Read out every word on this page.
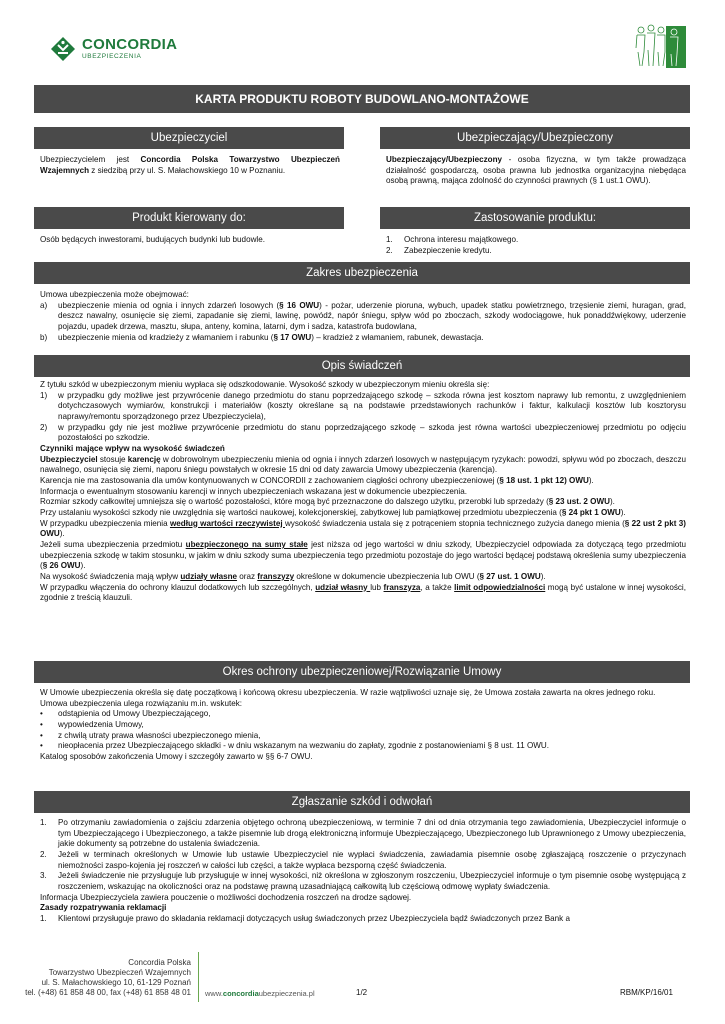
CONCORDIA
UBEZPIECZENIA
KARTA PRODUKTU ROBOTY BUDOWLANO-MONTAŻOWE
Ubezpieczyciel	Ubezpieczający/Ubezpieczony
Ubezpieczycielem jest Concordia Polska Towarzystwo Ubezpieczeń Wzajemnych z siedzibą przy ul. S. Małachowskiego 10 w Poznaniu.
Ubezpieczający/Ubezpieczony - osoba fizyczna, w tym także prowadząca działalność gospodarczą, osoba prawna lub jednostka organizacyjna niebędąca osobą prawną, mająca zdolność do czynności prawnych (§ 1 ust.1 OWU).
Produkt kierowany do:	Zastosowanie produktu:
Osób będących inwestorami, budujących budynki lub budowle.	1. Ochrona interesu majątkowego.
2. Zabezpieczenie kredytu.
Zakres ubezpieczenia

Umowa ubezpieczenia może obejmować:

a) ubezpieczenie mienia od ognia i innych zdarzeń losowych (§ 16 OWU) - pożar, uderzenie pioruna, wybuch, upadek statku powietrznego, trzęsienie ziemi, huragan, grad, deszcz nawalny, osunięcie się ziemi, zapadanie się ziemi, lawinę, powódź, napór śniegu, spływ wód po zboczach, szkody wodociągowe, huk ponaddźwiękowy, uderzenie pojazdu, upadek drzewa, masztu, słupa, anteny, komina, latarni, dym i sadza, katastrofa budowlana,

b) ubezpieczenie mienia od kradzieży z włamaniem i rabunku (§ 17 OWU) – kradzież z włamaniem, rabunek, dewastacja.

Opis świadczeń

Z tytułu szkód w ubezpieczonym mieniu wypłaca się odszkodowanie. Wysokość szkody w ubezpieczonym mieniu określa się:

1) w przypadku gdy możliwe jest przywrócenie danego przedmiotu do stanu poprzedzającego szkodę – szkoda równa jest kosztom naprawy lub remontu, z uwzględnieniem dotychczasowych wymiarów, konstrukcji i materiałów (koszty określane są na podstawie przedstawionych rachunków i faktur, kalkulacji kosztów lub kosztorysu naprawy/remontu sporządzonego przez Ubezpieczyciela),

2) w przypadku gdy nie jest możliwe przywrócenie przedmiotu do stanu poprzedzającego szkodę – szkoda jest równa wartości ubezpieczeniowej przedmiotu po odjęciu pozostałości po szkodzie.

Czynniki mające wpływ na wysokość świadczeń

Ubezpieczyciel stosuje karencję w dobrowolnym ubezpieczeniu mienia od ognia i innych zdarzeń losowych w następującym ryzykach: powodzi, spływu wód po zboczach, deszczu nawalnego, osunięcia się ziemi, naporu śniegu powstałych w okresie 15 dni od daty zawarcia Umowy ubezpieczenia (karencja).

Karencja nie ma zastosowania dla umów kontynuowanych w CONCORDII z zachowaniem ciągłości ochrony ubezpieczeniowej (§ 18 ust. 1 pkt 12) OWU).

Informacja o ewentualnym stosowaniu karencji w innych ubezpieczeniach wskazana jest w dokumencie ubezpieczenia.

Rozmiar szkody całkowitej umniejsza się o wartość pozostałości, które mogą być przeznaczone do dalszego użytku, przerobki lub sprzedaży (§ 23 ust. 2 OWU).

Przy ustalaniu wysokości szkody nie uwzględnia się wartości naukowej, kolekcjonerskiej, zabytkowej lub pamiątkowej przedmiotu ubezpieczenia (§ 24 pkt 1 OWU).

W przypadku ubezpieczenia mienia według wartości rzeczywistej wysokość świadczenia ustala się z potrąceniem stopnia technicznego zużycia danego mienia (§ 22 ust 2 pkt 3) OWU).

Jeżeli suma ubezpieczenia przedmiotu ubezpieczonego na sumy stałe jest niższa od jego wartości w dniu szkody, Ubezpieczyciel odpowiada za dotyczącą tego przedmiotu ubezpieczenia szkodę w takim stosunku, w jakim w dniu szkody suma ubezpieczenia tego przedmiotu pozostaje do jego wartości będącej podstawą określenia sumy ubezpieczenia (§ 26 OWU).

Na wysokość świadczenia mają wpływ udziały własne oraz franszyzy określone w dokumencie ubezpieczenia lub OWU (§ 27 ust. 1 OWU).

W przypadku włączenia do ochrony klauzul dodatkowych lub szczególnych, udział własny lub franszyza, a także limit odpowiedzialności mogą być ustalone w innej wysokości, zgodnie z treścią klauzuli.

Okres ochrony ubezpieczeniowej/Rozwiązanie Umowy

W Umowie ubezpieczenia określa się datę początkową i końcową okresu ubezpieczenia. W razie wątpliwości uznaje się, że Umowa została zawarta na okres jednego roku.

Umowa ubezpieczenia ulega rozwiązaniu m.in. wskutek:

• odstąpienia od Umowy Ubezpieczającego,

• wypowiedzenia Umowy,

• z chwilą utraty prawa własności ubezpieczonego mienia,

• nieopłacenia przez Ubezpieczającego składki - w dniu wskazanym na wezwaniu do zapłaty, zgodnie z postanowieniami § 8 ust. 11 OWU.

Katalog sposobów zakończenia Umowy i szczegóły zawarto w §§ 6-7 OWU.

Zgłaszanie szkód i odwołań

1. Po otrzymaniu zawiadomienia o zajściu zdarzenia objętego ochroną ubezpieczeniową, w terminie 7 dni od dnia otrzymania tego zawiadomienia, Ubezpieczyciel informuje o tym Ubezpieczającego i Ubezpieczonego, a także pisemnie lub drogą elektroniczną informuje Ubezpieczającego, Ubezpieczonego lub Uprawnionego z Umowy ubezpieczenia, jakie dokumenty są potrzebne do ustalenia świadczenia.

2. Jeżeli w terminach określonych w Umowie lub ustawie Ubezpieczyciel nie wypłaci świadczenia, zawiadamia pisemnie osobę zgłaszającą roszczenie o przyczynach niemożności zaspo-kojenia jej roszczeń w całości lub części, a także wypłaca bezsporną część świadczenia.

3. Jeżeli świadczenie nie przysługuje lub przysługuje w innej wysokości, niż określona w zgłoszonym roszczeniu, Ubezpieczyciel informuje o tym pisemnie osobę występującą z roszczeniem, wskazując na okoliczności oraz na podstawę prawną uzasadniającą całkowitą lub częściową odmowę wypłaty świadczenia.

Informacja Ubezpieczyciela zawiera pouczenie o możliwości dochodzenia roszczeń na drodze sądowej.

Zasady rozpatrywania reklamacji

1. Klientowi przysługuje prawo do składania reklamacji dotyczących usług świadczonych przez Ubezpieczyciela bądź świadczonych przez Bank a

Concordia Polska
Towarzystwo Ubezpieczeń Wzajemnych
ul. S. Małachowskiego 10, 61-129 Poznań
tel. (+48) 61 858 48 00, fax (+48) 61 858 48 01 www.concordiaubezpieczenia.pl	1/2	RBM/KP/16/01
